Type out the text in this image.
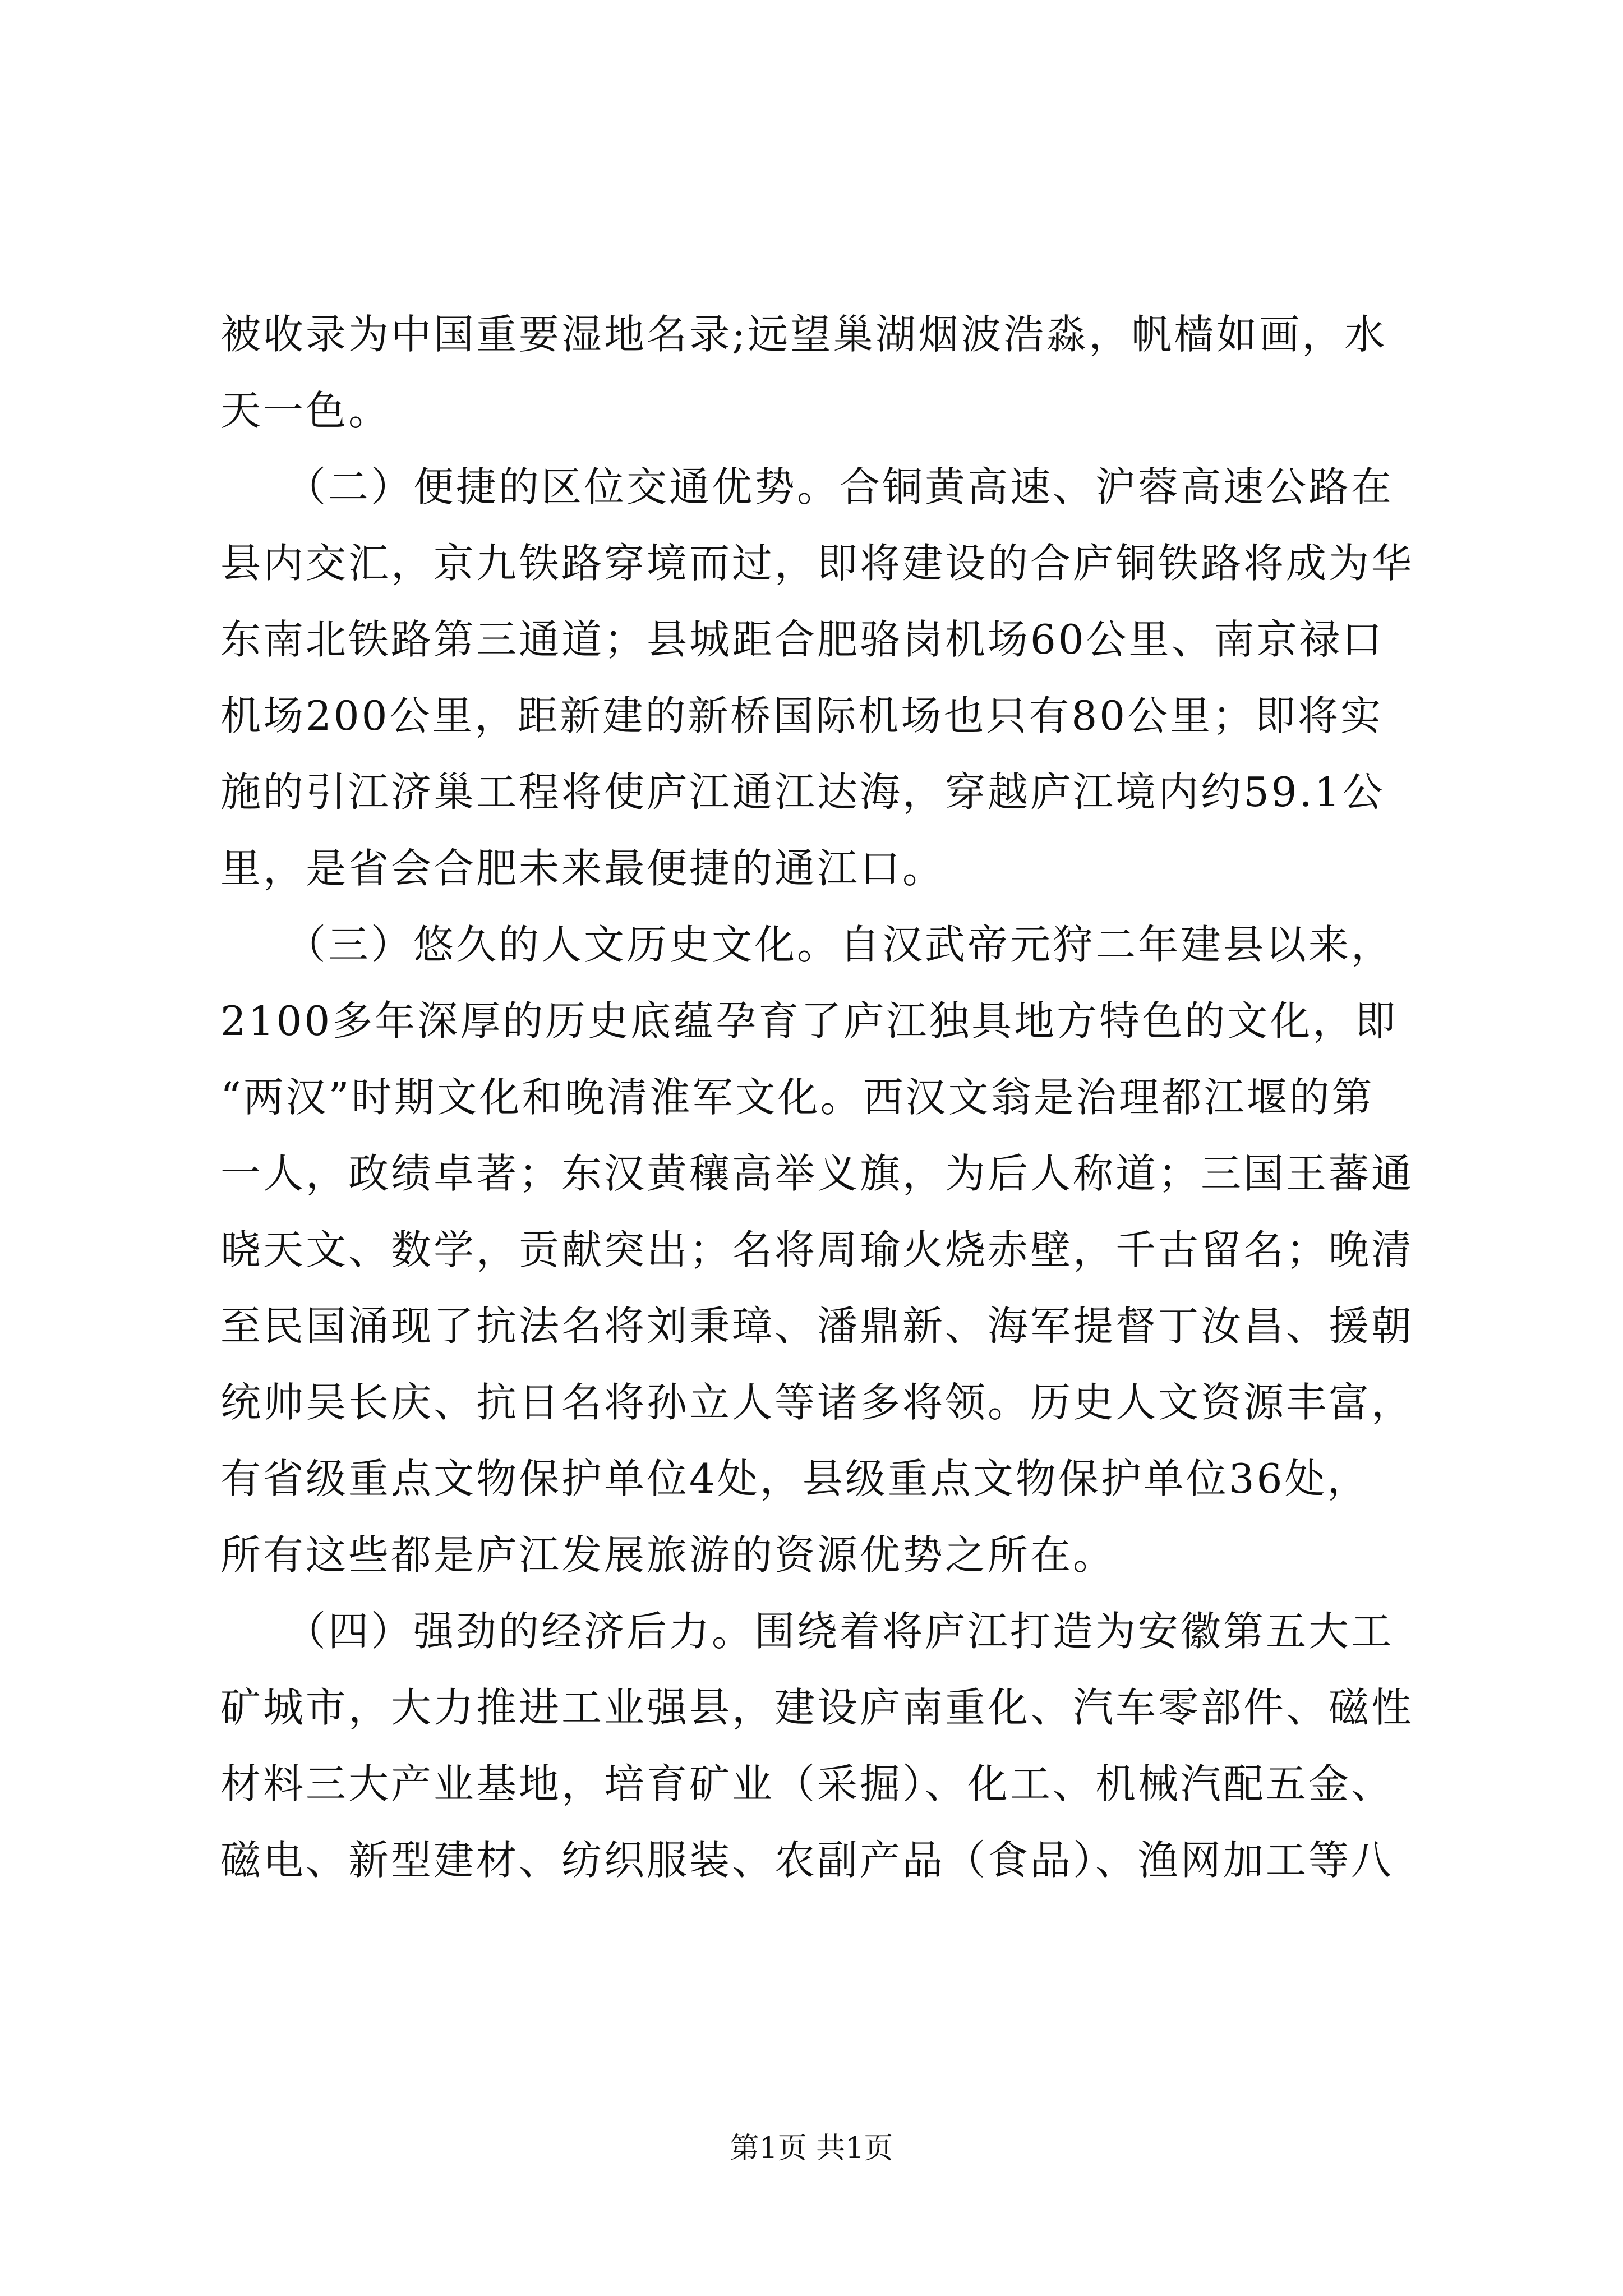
被收录为中国重要湿地名录;远望巢湖烟波浩淼，帆樯如画，水
天一色。
　　（二）便捷的区位交通优势。合铜黄高速、沪蓉高速公路在
县内交汇，京九铁路穿境而过，即将建设的合庐铜铁路将成为华
东南北铁路第三通道；县城距合肥骆岗机场60公里、南京禄口
机场200公里，距新建的新桥国际机场也只有80公里；即将实
施的引江济巢工程将使庐江通江达海，穿越庐江境内约59.1公
里，是省会合肥未来最便捷的通江口。
　　（三）悠久的人文历史文化。自汉武帝元狩二年建县以来，
2100多年深厚的历史底蕴孕育了庐江独具地方特色的文化，即
“两汉”时期文化和晚清淮军文化。西汉文翁是治理都江堰的第
一人，政绩卓著；东汉黄穰高举义旗，为后人称道；三国王蕃通
晓天文、数学，贡献突出；名将周瑜火烧赤壁，千古留名；晚清
至民国涌现了抗法名将刘秉璋、潘鼎新、海军提督丁汝昌、援朝
统帅吴长庆、抗日名将孙立人等诸多将领。历史人文资源丰富，
有省级重点文物保护单位4处，县级重点文物保护单位36处，
所有这些都是庐江发展旅游的资源优势之所在。
　　（四）强劲的经济后力。围绕着将庐江打造为安徽第五大工
矿城市，大力推进工业强县，建设庐南重化、汽车零部件、磁性
材料三大产业基地，培育矿业（采掘）、化工、机械汽配五金、
磁电、新型建材、纺织服装、农副产品（食品）、渔网加工等八
第1页 共1页
